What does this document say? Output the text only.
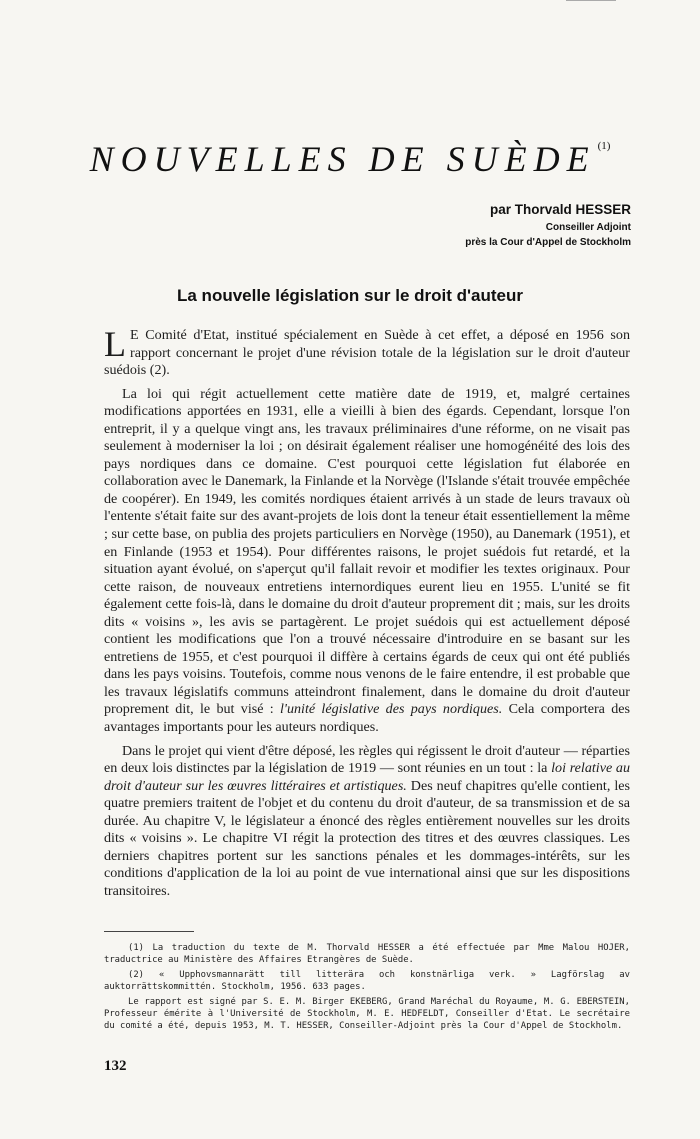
NOUVELLES DE SUÈDE $^{(1)}$
par Thorvald HESSER
Conseiller Adjoint
près la Cour d'Appel de Stockholm
La nouvelle législation sur le droit d'auteur

L E Comité d'Etat, institué spécialement en Suède à cet effet, a déposé en 1956 son rapport concernant le projet d'une révision totale de la législation sur le droit d'auteur suédois (2).

La loi qui régit actuellement cette matière date de 1919, et, malgré certaines modifications apportées en 1931, elle a vieilli à bien des égards. Cependant, lorsque l'on entreprit, il y a quelque vingt ans, les travaux préliminaires d'une réforme, on ne visait pas seulement à moderniser la loi ; on désirait également réaliser une homogénéité des lois des pays nordiques dans ce domaine. C'est pourquoi cette législation fut élaborée en collaboration avec le Danemark, la Finlande et la Norvège (l'Islande s'était trouvée empêchée de coopérer). En 1949, les comités nordiques étaient arrivés à un stade de leurs travaux où l'entente s'était faite sur des avant-projets de lois dont la teneur était essentiellement la même ; sur cette base, on publia des projets particuliers en Norvège (1950), au Danemark (1951), et en Finlande (1953 et 1954). Pour différentes raisons, le projet suédois fut retardé, et la situation ayant évolué, on s'aperçut qu'il fallait revoir et modifier les textes originaux. Pour cette raison, de nouveaux entretiens internordiques eurent lieu en 1955. L'unité se fit également cette fois-là, dans le domaine du droit d'auteur proprement dit ; mais, sur les droits dits « voisins », les avis se partagèrent. Le projet suédois qui est actuellement déposé contient les modifications que l'on a trouvé nécessaire d'introduire en se basant sur les entretiens de 1955, et c'est pourquoi il diffère à certains égards de ceux qui ont été publiés dans les pays voisins. Toutefois, comme nous venons de le faire entendre, il est probable que les travaux législatifs communs atteindront finalement, dans le domaine du droit d'auteur proprement dit, le but visé : l'unité législative des pays nordiques. Cela comportera des avantages importants pour les auteurs nordiques.

Dans le projet qui vient d'être déposé, les règles qui régissent le droit d'auteur — réparties en deux lois distinctes par la législation de 1919 — sont réunies en un tout : la loi relative au droit d'auteur sur les œuvres littéraires et artistiques. Des neuf chapitres qu'elle contient, les quatre premiers traitent de l'objet et du contenu du droit d'auteur, de sa transmission et de sa durée. Au chapitre V, le législateur a énoncé des règles entièrement nouvelles sur les droits dits « voisins ». Le chapitre VI régit la protection des titres et des œuvres classiques. Les derniers chapitres portent sur les sanctions pénales et les dommages-intérêts, sur les conditions d'application de la loi au point de vue international ainsi que sur les dispositions transitoires.

(1) La traduction du texte de M. Thorvald HESSER a été effectuée par Mme Malou HOJER, traductrice au Ministère des Affaires Etrangères de Suède.

(2) « Upphovsmannarätt till litterära och konstnärliga verk. » Lagförslag av auktorrättskommittén. Stockholm, 1956. 633 pages.

Le rapport est signé par S. E. M. Birger EKEBERG, Grand Maréchal du Royaume, M. G. EBERSTEIN, Professeur émérite à l'Université de Stockholm, M. E. HEDFELDT, Conseiller d'Etat. Le secrétaire du comité a été, depuis 1953, M. T. HESSER, Conseiller-Adjoint près la Cour d'Appel de Stockholm.

132
